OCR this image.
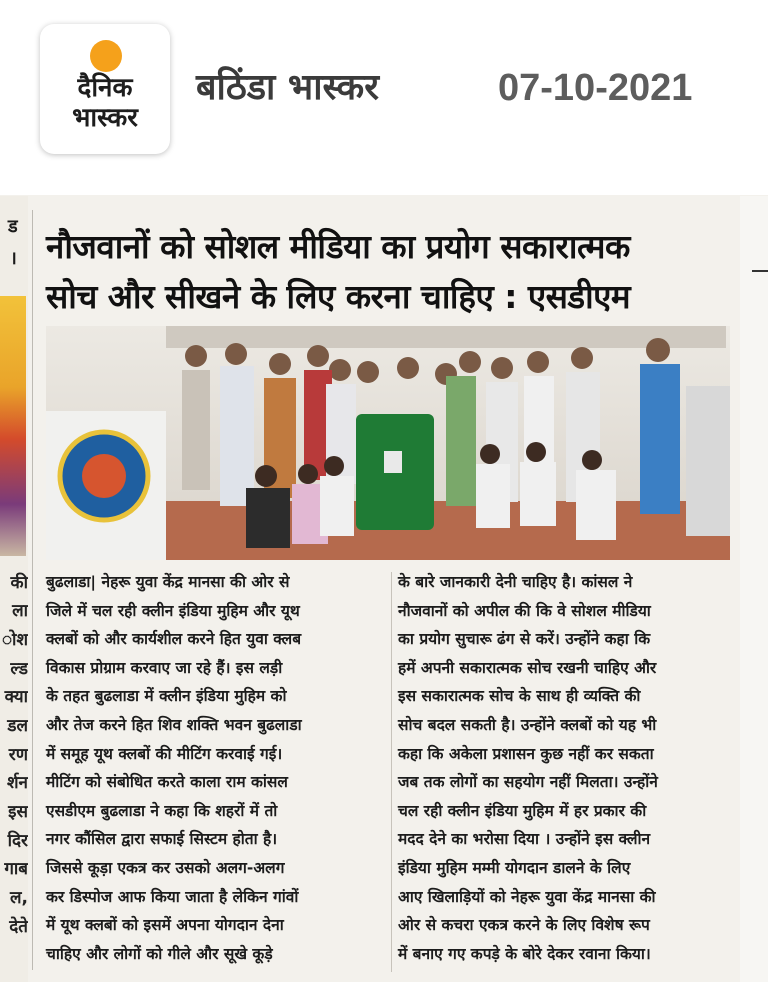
दैनिक
भास्कर
बठिंडा भास्कर	07-10-2021
ड
।
की
ला
ोश
ल्ड
क्या
डल
रण
र्शन
इस
दिर
गाब
ल,
देते
नौजवानों को सोशल मीडिया का प्रयोग सकारात्मक
सोच और सीखने के लिए करना चाहिए : एसडीएम
बुढलाडा| नेहरू युवा केंद्र मानसा की ओर से
जिले में चल रही क्लीन इंडिया मुहिम और यूथ
क्लबों को और कार्यशील करने हित युवा क्लब
विकास प्रोग्राम करवाए जा रहे हैं। इस लड़ी
के तहत बुढलाडा में क्लीन इंडिया मुहिम को
और तेज करने हित शिव शक्ति भवन बुढलाडा
में समूह यूथ क्लबों की मीटिंग करवाई गई।
मीटिंग को संबोधित करते काला राम कांसल
एसडीएम बुढलाडा ने कहा कि शहरों में तो
नगर कौंसिल द्वारा सफाई सिस्टम होता है।
जिससे कूड़ा एकत्र कर उसको अलग-अलग
कर डिस्पोज आफ किया जाता है लेकिन गांवों
में यूथ क्लबों को इसमें अपना योगदान देना
चाहिए और लोगों को गीले और सूखे कूड़े
के बारे जानकारी देनी चाहिए है। कांसल ने
नौजवानों को अपील की कि वे सोशल मीडिया
का प्रयोग सुचारू ढंग से करें। उन्होंने कहा कि
हमें अपनी सकारात्मक सोच रखनी चाहिए और
इस सकारात्मक सोच के साथ ही व्यक्ति की
सोच बदल सकती है। उन्होंने क्लबों को यह भी
कहा कि अकेला प्रशासन कुछ नहीं कर सकता
जब तक लोगों का सहयोग नहीं मिलता। उन्होंने
चल रही क्लीन इंडिया मुहिम में हर प्रकार की
मदद देने का भरोसा दिया । उन्होंने इस क्लीन
इंडिया मुहिम मम्मी योगदान डालने के लिए
आए खिलाड़ियों को नेहरू युवा केंद्र मानसा की
ओर से कचरा एकत्र करने के लिए विशेष रूप
में बनाए गए कपड़े के बोरे देकर रवाना किया।
